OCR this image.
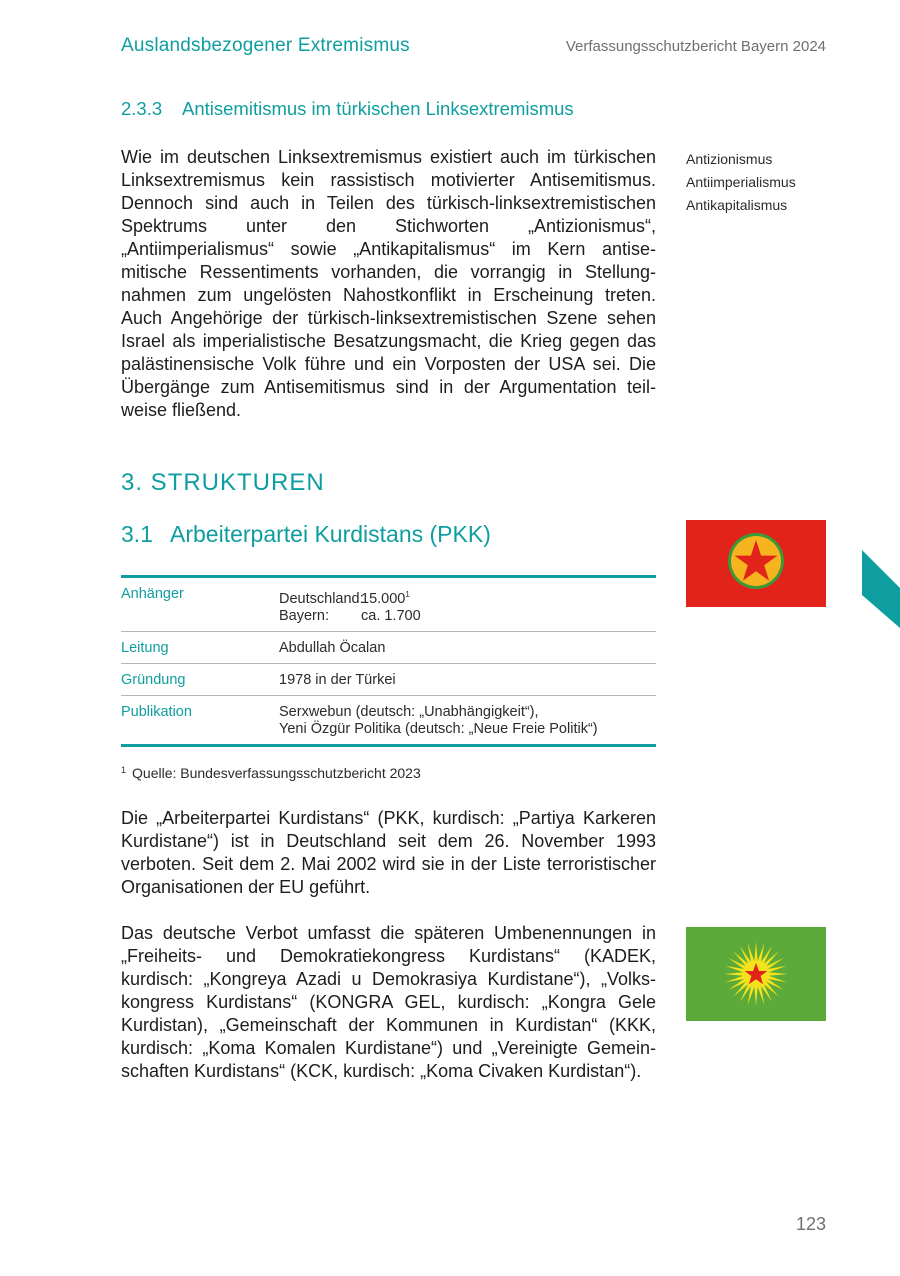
Auslandsbezogener Extremismus	Verfassungsschutzbericht Bayern 2024
2.3.3 Antisemitismus im türkischen Linksextremismus
Wie im deutschen Linksextremismus existiert auch im türkischen Linksextremismus kein rassistisch motivierter Antisemitismus. Dennoch sind auch in Teilen des türkisch-linksextremistischen Spektrums unter den Stichworten „Antizionismus“, „Antiimperialismus“ sowie „Antikapitalismus“ im Kern antisemitische Ressentiments vorhanden, die vorrangig in Stellungnahmen zum ungelösten Nahostkonflikt in Erscheinung treten. Auch Angehörige der türkisch-linksextremistischen Szene sehen Israel als imperialistische Besatzungsmacht, die Krieg gegen das palästinensische Volk führe und ein Vorposten der USA sei. Die Übergänge zum Antisemitismus sind in der Argumentation teilweise fließend.
Antizionismus
Antiimperialismus
Antikapitalismus
3. STRUKTUREN
3.1 Arbeiterpartei Kurdistans (PKK)
Anhänger	Deutschland:15.000$^1$
Bayern: ca. 1.700

Leitung	Abdullah Öcalan
Gründung	1978 in der Türkei
Publikation	Serxwebun (deutsch: „Unabhängigkeit“),
Yeni Özgür Politika (deutsch: „Neue Freie Politik“)
$^1$ Quelle: Bundesverfassungsschutzbericht 2023
Die „Arbeiterpartei Kurdistans“ (PKK, kurdisch: „Partiya Karkeren Kurdistane“) ist in Deutschland seit dem 26. November 1993 verboten. Seit dem 2. Mai 2002 wird sie in der Liste terroristischer Organisationen der EU geführt.
Das deutsche Verbot umfasst die späteren Umbenennungen in „Freiheits- und Demokratiekongress Kurdistans“ (KADEK, kurdisch: „Kongreya Azadi u Demokrasiya Kurdistane“), „Volkskongress Kurdistans“ (KONGRA GEL, kurdisch: „Kongra Gele Kurdistan), „Gemeinschaft der Kommunen in Kurdistan“ (KKK, kurdisch: „Koma Komalen Kurdistane“) und „Vereinigte Gemeinschaften Kurdistans“ (KCK, kurdisch: „Koma Civaken Kurdistan“).
123
